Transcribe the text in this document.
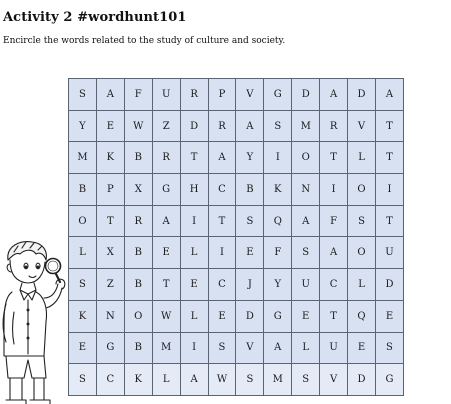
Activity 2 #wordhunt101
Encircle the words related to the study of culture and society.
S	A	F	U	R	P	V	G	D	A	D	A
Y	E	W	Z	D	R	A	S	M	R	V	T
M	K	B	R	T	A	Y	I	O	T	L	T
B	P	X	G	H	C	B	K	N	I	O	I
O	T	R	A	I	T	S	Q	A	F	S	T
L	X	B	E	L	I	E	F	S	A	O	U
S	Z	B	T	E	C	J	Y	U	C	L	D
K	N	O	W	L	E	D	G	E	T	Q	E
E	G	B	M	I	S	V	A	L	U	E	S
S	C	K	L	A	W	S	M	S	V	D	G
